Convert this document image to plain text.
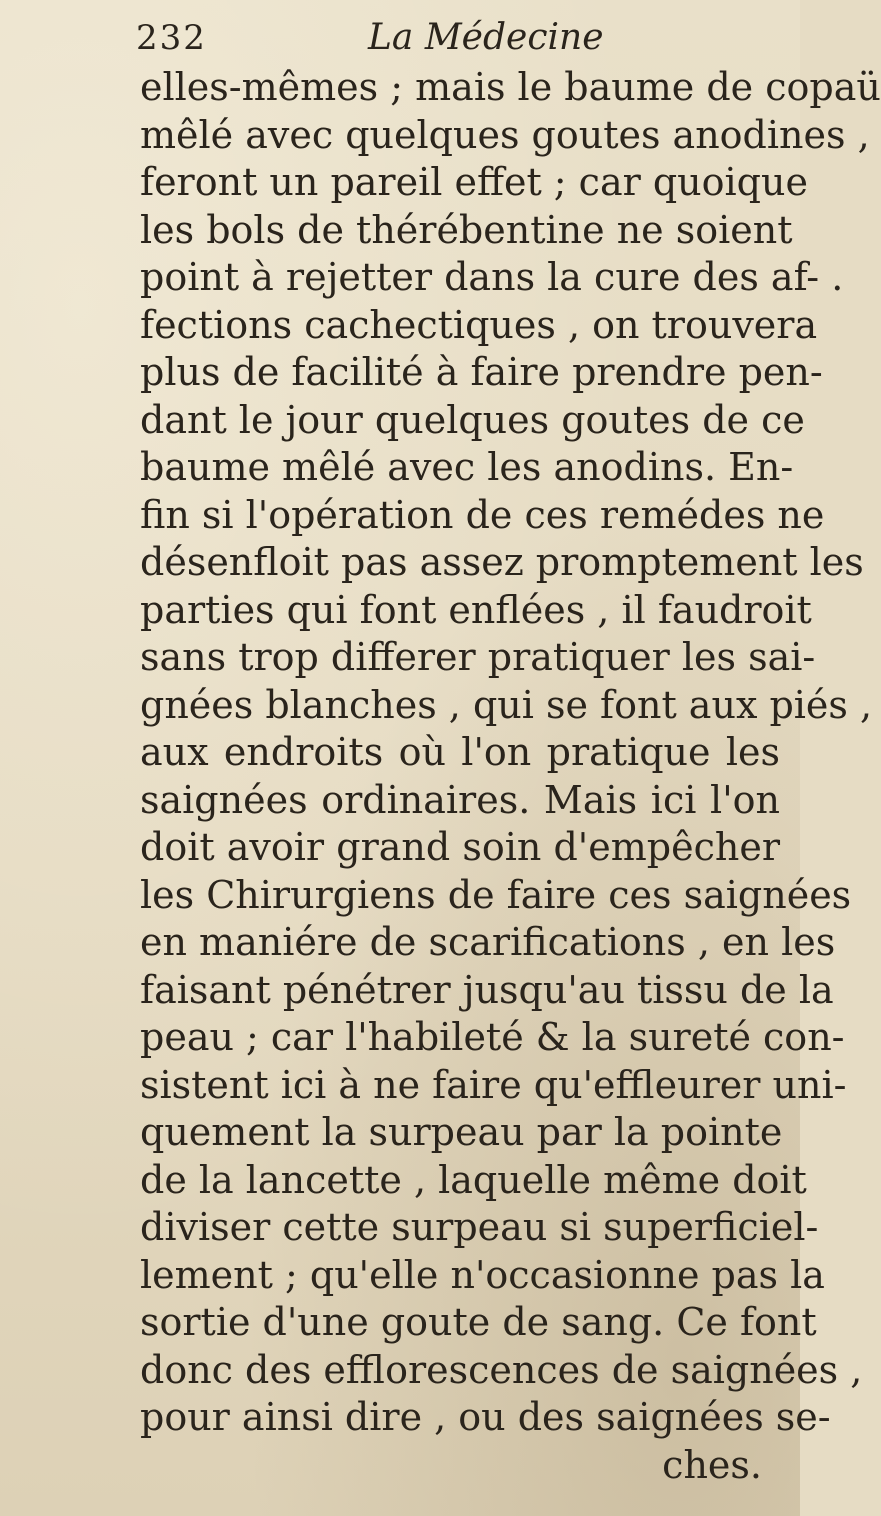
232	La Médecine
elles-mêmes ; mais le baume de copaü
mêlé avec quelques goutes anodines ,
feront un pareil effet ; car quoique
les bols de thérébentine ne soient
point à rejetter dans la cure des af- .
fections cachectiques , on trouvera
plus de facilité à faire prendre pen-
dant le jour quelques goutes de ce
baume mêlé avec les anodins. En-
fin si l'opération de ces remédes ne
désenfloit pas assez promptement les
parties qui font enflées , il faudroit
sans trop differer pratiquer les sai-
gnées blanches , qui se font aux piés ,
aux endroits où l'on pratique les
saignées ordinaires. Mais ici l'on
doit avoir grand soin d'empêcher
les Chirurgiens de faire ces saignées
en maniére de scarifications , en les
faisant pénétrer jusqu'au tissu de la
peau ; car l'habileté & la sureté con-
sistent ici à ne faire qu'effleurer uni-
quement la surpeau par la pointe
de la lancette , laquelle même doit
diviser cette surpeau si superficiel-
lement ; qu'elle n'occasionne pas la
sortie d'une goute de sang. Ce font
donc des efflorescences de saignées ,
pour ainsi dire , ou des saignées se-
ches.
